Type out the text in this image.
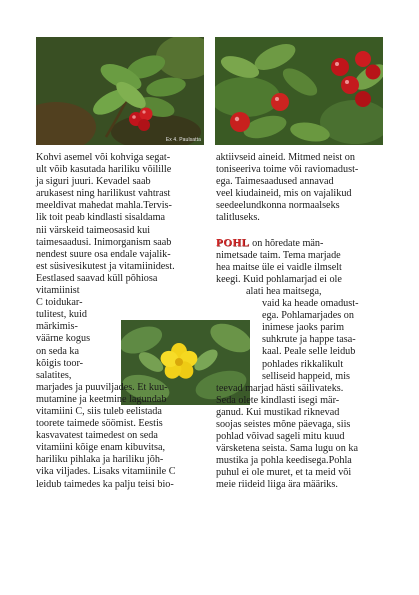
Ex 4. Paulsatta
Kohvi asemel või kohviga segat-
ult võib kasutada hariliku võilille
ja siguri juuri. Kevadel saab
arukasest ning harilikust vahtrast
meeldivat mahedat mahla.Tervis-
lik toit peab kindlasti sisaldama
nii värskeid taimeosasid kui
taimesaadusi. Inimorganism saab
nendest suure osa endale vajalik-
est süsivesikutest ja vitamiinidest.
Eestlased saavad küll põhiosa
vitamiinist
C toidukar-
tulitest, kuid
märkimis-
väärne kogus
on seda ka
kõigis toor-
salatites,
marjades ja puuviljades. Et kuu-
mutamine ja keetmine lagundab
vitamiini C, siis tuleb eelistada
toorete taimede söömist. Eestis
kasvavatest taimedest on seda
vitamiini kõige enam kibuvitsa,
hariliku pihlaka ja hariliku jõh-
vika viljades. Lisaks vitamiinile C
leidub taimedes ka palju teisi bio-
aktiivseid aineid. Mitmed neist on
toniseeriva toime või raviomadust-
ega. Taimesaadused annavad
veel kiudaineid, mis on vajalikud
seedeelundkonna normaalseks
talitluseks.
POHL on hõredate män-
nimetsade taim. Tema marjade
hea maitse üle ei vaidle ilmselt
keegi. Kuid pohlamarjad ei ole
alati hea maitsega,
vaid ka heade omadust-
ega. Pohlamarjades on
inimese jaoks parim
suhkrute ja happe tasa-
kaal. Peale selle leidub
pohlades rikkalikult
selliseid happeid, mis
teevad marjad hästi säilivateks.
Seda olete kindlasti isegi mär-
ganud. Kui mustikad riknevad
soojas seistes mõne päevaga, siis
pohlad võivad sageli mitu kuud
värsketena seista. Sama lugu on ka
mustika ja pohla keedisega.Pohla
puhul ei ole muret, et ta meid või
meie riideid liiga ära määriks.
